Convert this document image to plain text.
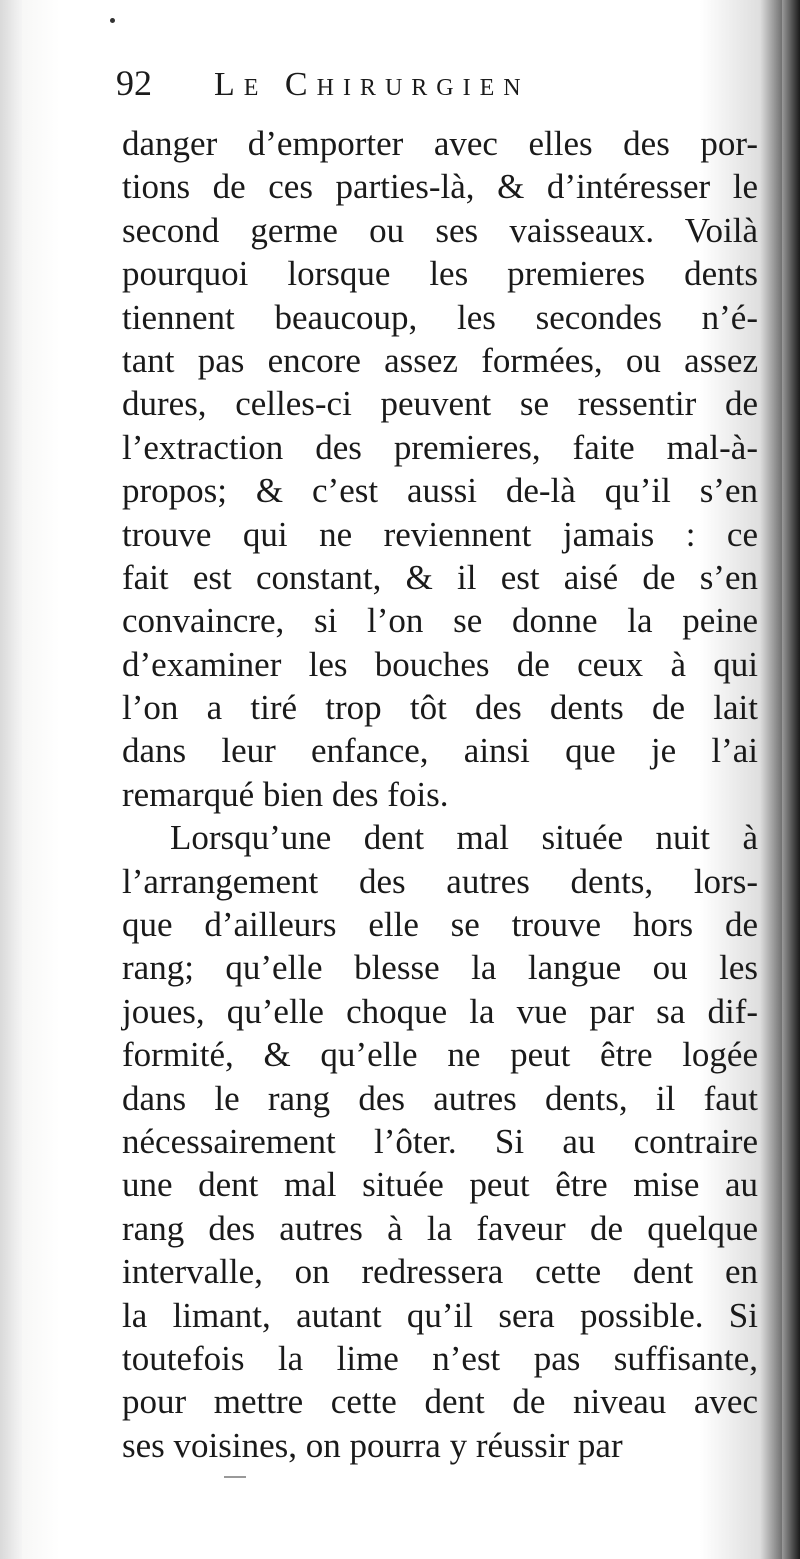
92 Le Chirurgien
danger d’emporter avec elles des por-
tions de ces parties-là, & d’intéresser le
second germe ou ses vaisseaux. Voilà
pourquoi lorsque les premieres dents
tiennent beaucoup, les secondes n’é-
tant pas encore assez formées, ou assez
dures, celles-ci peuvent se ressentir de
l’extraction des premieres, faite mal-à-
propos; & c’est aussi de-là qu’il s’en
trouve qui ne reviennent jamais : ce
fait est constant, & il est aisé de s’en
convaincre, si l’on se donne la peine
d’examiner les bouches de ceux à qui
l’on a tiré trop tôt des dents de lait
dans leur enfance, ainsi que je l’ai
remarqué bien des fois.
Lorsqu’une dent mal située nuit à
l’arrangement des autres dents, lors-
que d’ailleurs elle se trouve hors de
rang; qu’elle blesse la langue ou les
joues, qu’elle choque la vue par sa dif-
formité, & qu’elle ne peut être logée
dans le rang des autres dents, il faut
nécessairement l’ôter. Si au contraire
une dent mal située peut être mise au
rang des autres à la faveur de quelque
intervalle, on redressera cette dent en
la limant, autant qu’il sera possible. Si
toutefois la lime n’est pas suffisante,
pour mettre cette dent de niveau avec
ses voisines, on pourra y réussir par
